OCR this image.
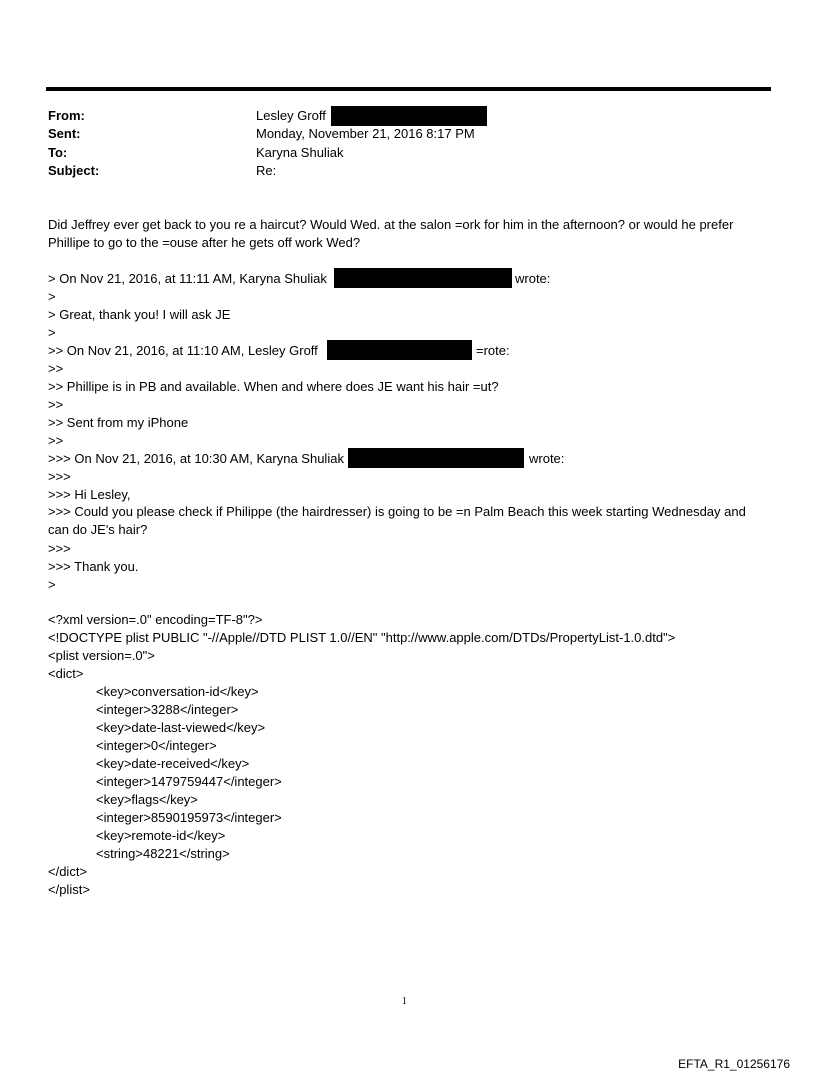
From:	Lesley Groff
Sent:	Monday, November 21, 2016 8:17 PM
To:	Karyna Shuliak
Subject:	Re:
Did Jeffrey ever get back to you re a haircut? Would Wed. at the salon =ork for him in the afternoon? or would he prefer Phillipe to go to the =ouse after he gets off work Wed?
> On Nov 21, 2016, at 11:11 AM, Karyna Shuliak	wrote:
>
> Great, thank you! I will ask JE
>
>> On Nov 21, 2016, at 11:10 AM, Lesley Groff	=rote:
>>
>> Phillipe is in PB and available. When and where does JE want his hair =ut?
>>
>> Sent from my iPhone
>>
>>> On Nov 21, 2016, at 10:30 AM, Karyna Shuliak	wrote:
>>>
>>> Hi Lesley,
>>> Could you please check if Philippe (the hairdresser) is going to be =n Palm Beach this week starting Wednesday and can do JE's hair?
>>>
>>> Thank you.
>
<?xml version=.0" encoding=TF-8"?>
<!DOCTYPE plist PUBLIC "-//Apple//DTD PLIST 1.0//EN" "http://www.apple.com/DTDs/PropertyList-1.0.dtd">
<plist version=.0">
<dict>
<key>conversation-id</key>
<integer>3288</integer>
<key>date-last-viewed</key>
<integer>0</integer>
<key>date-received</key>
<integer>1479759447</integer>
<key>flags</key>
<integer>8590195973</integer>
<key>remote-id</key>
<string>48221</string>
</dict>
</plist>
1
EFTA_R1_01256176
